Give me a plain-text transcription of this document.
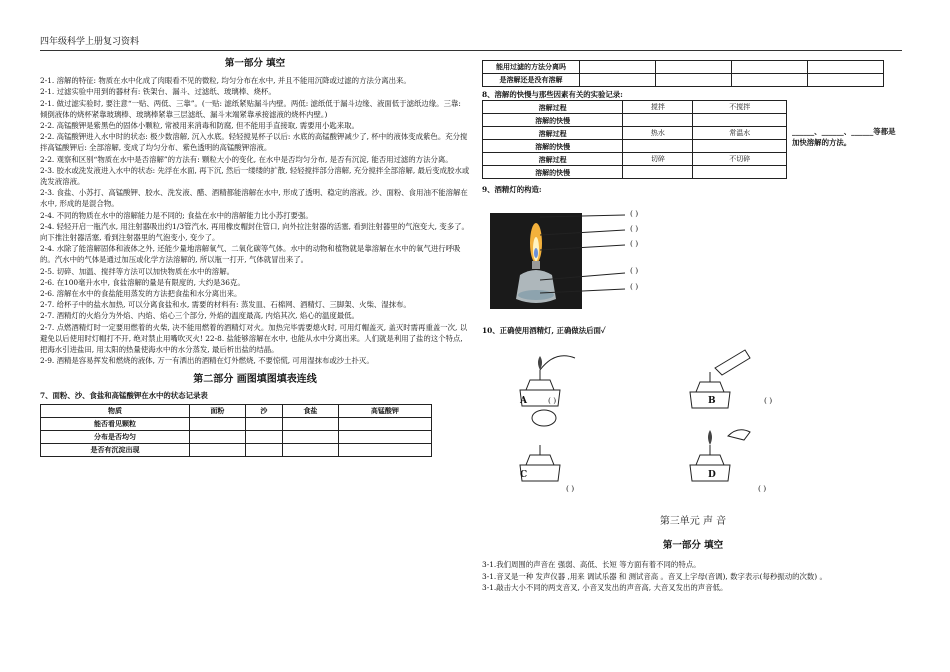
四年级科学上册复习资料
第一部分 填空

2-1. 溶解的特征: 物质在水中化成了肉眼看不见的微粒, 均匀分布在水中, 并且不能用沉降或过滤的方法分离出来。

2-1. 过滤实验中用到的器材有: 铁架台、漏斗、过滤纸、玻璃棒、烧杯。

2-1. 做过滤实验时, 要注意“一贴、两低、三靠”。(一贴: 滤纸紧贴漏斗内壁。两低: 滤纸低于漏斗边缘、液面低于滤纸边缘。三靠: 倾倒液体的烧杯紧靠玻璃棒、玻璃棒紧靠三层滤纸、漏斗末端紧靠承接滤液的烧杯内壁。)

2-2. 高锰酸钾是紫黑色的固体小颗粒, 常被用来消毒和防腐, 但不能用手直接取, 需要用小匙来取。

2-2. 高锰酸钾进入水中时的状态: 极少数溶解, 沉入水底。轻轻搅晃杯子以后: 水底的高锰酸钾减少了, 杯中的液体变成紫色。充分搅拌高锰酸钾后: 全部溶解, 变成了均匀分布、紫色透明的高锰酸钾溶液。

2-2. 观察和区别“物质在水中是否溶解”的方法有: 颗粒大小的变化, 在水中是否均匀分布, 是否有沉淀, 能否用过滤的方法分离。

2-3. 胶水或洗发液进入水中的状态: 先浮在水面, 再下沉, 然后一缕缕的扩散, 轻轻搅拌部分溶解, 充分搅拌全部溶解, 最后变成胶水或洗发液溶液。

2-3. 食盐、小苏打、高锰酸钾、胶水、洗发液、醋、酒精都能溶解在水中, 形成了透明、稳定的溶液。沙、面粉、食用油不能溶解在水中, 形成的是混合物。

2-4. 不同的物质在水中的溶解能力是不同的; 食盐在水中的溶解能力比小苏打要强。

2-4. 轻轻开启一瓶汽水, 用注射器吸出约1/3管汽水, 再用橡皮帽封住管口, 向外拉注射器的活塞, 看到注射器里的气泡变大, 变多了。向下推注射器活塞, 看到注射器里的气泡变小, 变少了。

2-4. 水除了能溶解固体和液体之外, 还能少量地溶解氧气、二氧化碳等气体。水中的动物和植物就是靠溶解在水中的氧气进行呼吸的。汽水中的气体是通过加压或化学方法溶解的, 所以瓶一打开, 气体就冒出来了。

2-5. 切碎、加温、搅拌等方法可以加快物质在水中的溶解。

2-6. 在100毫升水中, 食盐溶解的量是有限度的, 大约是36克。

2-6. 溶解在水中的食盐能用蒸发的方法把食盐和水分离出来。

2-7. 给杯子中的盐水加热, 可以分离食盐和水, 需要的材料有: 蒸发皿、石棉网、酒精灯、三脚架、火柴、湿抹布。

2-7. 酒精灯的火焰分为外焰、内焰、焰心三个部分, 外焰的温度最高, 内焰其次, 焰心的温度最低。

2-7. 点燃酒精灯时一定要用燃着的火柴, 决不能用燃着的酒精灯对火。加热完毕需要熄火时, 可用灯帽盖灭, 盖灭时需再重盖一次, 以避免以后使用时灯帽打不开, 绝对禁止用嘴吹灭火! 22-8. 盐能够溶解在水中, 也能从水中分离出来。人们就是利用了盐的这个特点, 把海水引进盐田, 用太阳的热量使海水中的水分蒸发, 最后析出盐的结晶。

2-9. 酒精是容易挥发和燃烧的液体, 万一有洒出的酒精在灯外燃烧, 不要惊慌, 可用湿抹布或沙土扑灭。

第二部分 画图填图填表连线
7、面粉、沙、食盐和高锰酸钾在水中的状态记录表
物质	面粉	沙	食盐	高锰酸钾
能否看见颗粒				
分布是否均匀				
是否有沉淀出现				
能用过滤的方法分离吗				
是溶解还是没有溶解				
8、溶解的快慢与那些因素有关的实验记录:
溶解过程	搅拌	不搅拌
溶解的快慢		
溶解过程	热水	常温水
溶解的快慢		
溶解过程	切碎	不切碎
溶解的快慢		
______、______、______等都是加快溶解的方法。
9、酒精灯的构造:
( )
( )
( )
( )
( )
10、正确使用酒精灯, 正确做法后面✓
A	( )	B	( )
C
( )
D
( )
第三单元 声 音
第一部分 填空

3-1.我们周围的声音在 强弱、高低、长短 等方面有着不同的特点。

3-1.音叉是一种 发声仪器 ,用来 调试乐器 和 测试音高 。音叉上字母(音调), 数字表示(每秒振动的次数) 。

3-1.敲击大小不同的两支音叉, 小音叉发出的声音高, 大音叉发出的声音低。
